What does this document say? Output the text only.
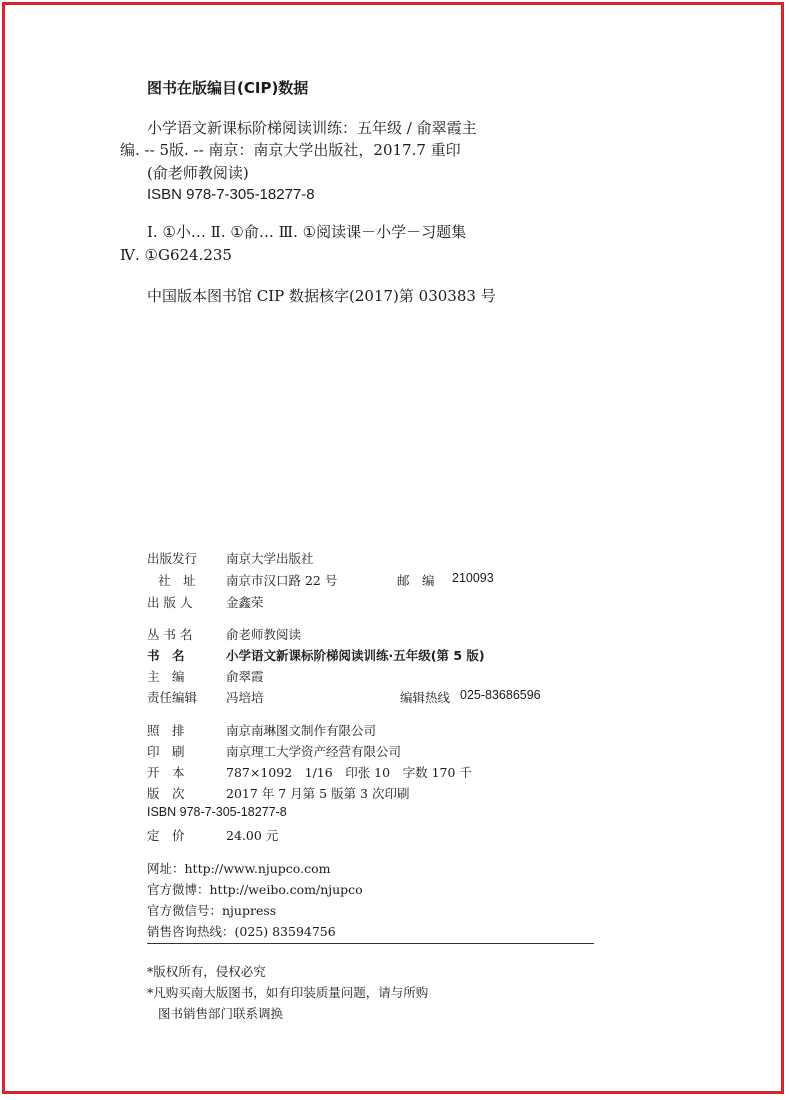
图书在版编目(CIP)数据
小学语文新课标阶梯阅读训练：五年级 / 俞翠霞主
编. -- 5版. -- 南京：南京大学出版社，2017.7 重印
(俞老师教阅读)
ISBN 978-7-305-18277-8
Ⅰ. ①小… Ⅱ. ①俞… Ⅲ. ①阅读课－小学－习题集
Ⅳ. ①G624.235
中国版本图书馆 CIP 数据核字(2017)第 030383 号
出版发行 南京大学出版社
社　址 南京市汉口路 22 号	邮　编 210093
出 版 人	金鑫荣
丛 书 名	俞老师教阅读
书　名	小学语文新课标阶梯阅读训练·五年级(第 5 版)
主　编	俞翠霞
责任编辑 冯培培	编辑热线 025-83686596
照　排	南京南琳图文制作有限公司
印　刷	南京理工大学资产经营有限公司
开　本	787×1092　1/16　印张 10　字数 170 千
版　次	2017 年 7 月第 5 版第 3 次印刷
ISBN 978-7-305-18277-8
定　价	24.00 元
网址：http://www.njupco.com
官方微博：http://weibo.com/njupco
官方微信号：njupress
销售咨询热线：(025) 83594756
*版权所有，侵权必究
*凡购买南大版图书，如有印装质量问题，请与所购
图书销售部门联系调换
